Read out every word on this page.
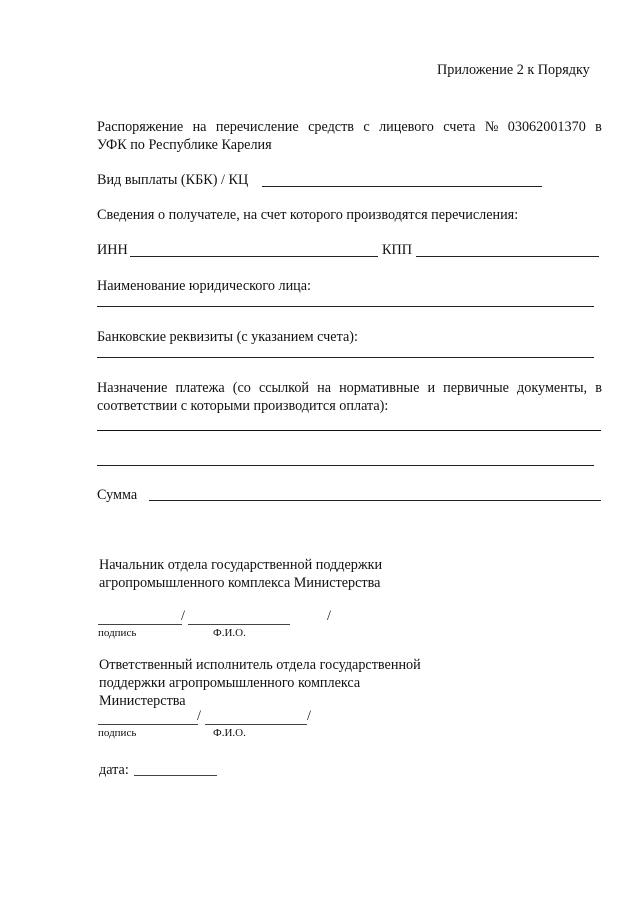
Приложение 2 к Порядку
Распоряжение на перечисление средств с лицевого счета № 03062001370 в
УФК по Республике Карелия
Вид выплаты (КБК) / КЦ
Сведения о получателе, на счет которого производятся перечисления:
ИНН	КПП
Наименование юридического лица:
Банковские реквизиты (с указанием счета):
Назначение платежа (со ссылкой на нормативные и первичные документы, в
соответствии с которыми производится оплата):
Сумма
Начальник отдела государственной поддержки
агропромышленного комплекса Министерства
/	/
подпись	Ф.И.О.
Ответственный исполнитель отдела государственной
поддержки агропромышленного комплекса
Министерства
/	/
подпись	Ф.И.О.
дата:
